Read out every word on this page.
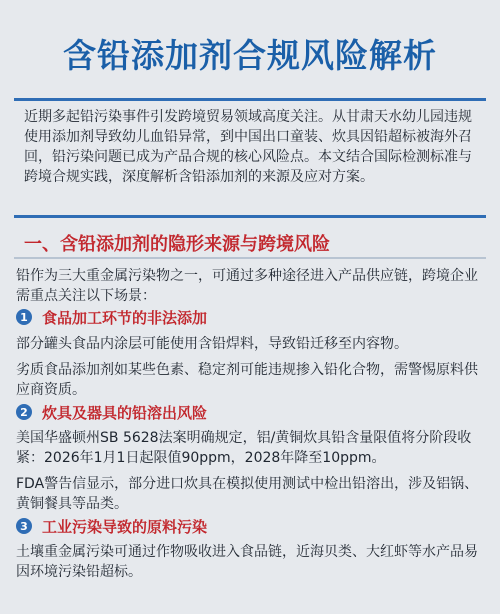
含铅添加剂合规风险解析
近期多起铅污染事件引发跨境贸易领域高度关注。从甘肃天水幼儿园违规使用添加剂导致幼儿血铅异常，到中国出口童装、炊具因铅超标被海外召回，铅污染问题已成为产品合规的核心风险点。本文结合国际检测标准与跨境合规实践，深度解析含铅添加剂的来源及应对方案。
一、含铅添加剂的隐形来源与跨境风险
铅作为三大重金属污染物之一，可通过多种途径进入产品供应链，跨境企业需重点关注以下场景：
1 食品加工环节的非法添加
部分罐头食品内涂层可能使用含铅焊料，导致铅迁移至内容物。
劣质食品添加剂如某些色素、稳定剂可能违规掺入铅化合物，需警惕原料供应商资质。
2 炊具及器具的铅溶出风险
美国华盛顿州SB 5628法案明确规定，铝/黄铜炊具铅含量限值将分阶段收紧：2026年1月1日起限值90ppm，2028年降至10ppm。
FDA警告信显示，部分进口炊具在模拟使用测试中检出铅溶出，涉及铝锅、黄铜餐具等品类。
3 工业污染导致的原料污染
土壤重金属污染可通过作物吸收进入食品链，近海贝类、大红虾等水产品易因环境污染铅超标。
